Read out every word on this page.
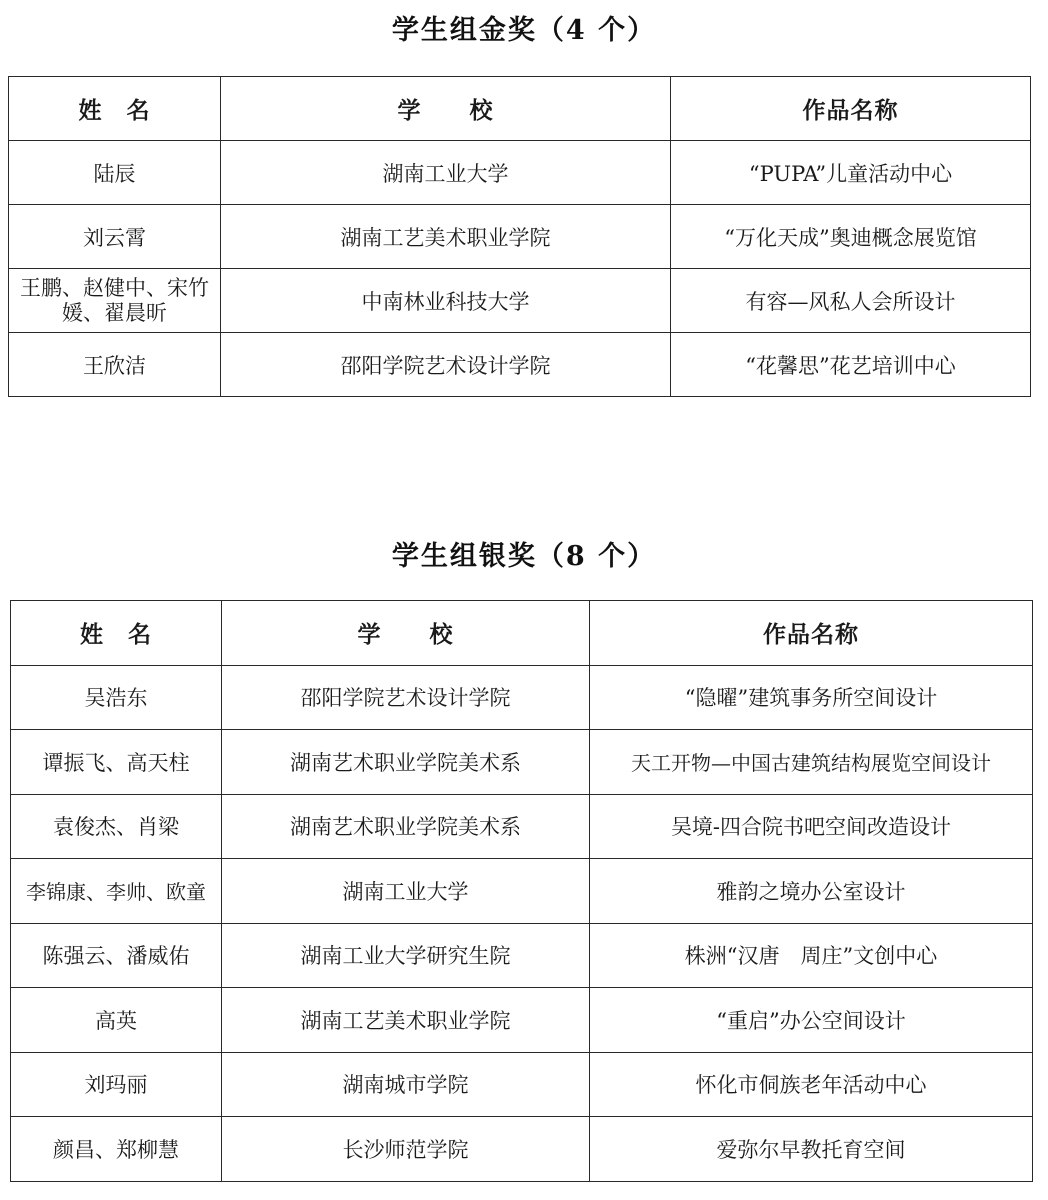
学生组金奖（4 个）
姓　名	学　　校	作品名称
陆辰	湖南工业大学	“PUPA”儿童活动中心
刘云霄	湖南工艺美术职业学院	“万化天成”奥迪概念展览馆
王鹏、赵健中、宋竹媛、翟晨昕	中南林业科技大学	有容—风私人会所设计
王欣洁	邵阳学院艺术设计学院	“花馨思”花艺培训中心
学生组银奖（8 个）
姓　名	学　　校	作品名称
吴浩东	邵阳学院艺术设计学院	“隐曜”建筑事务所空间设计
谭振飞、高天柱	湖南艺术职业学院美术系	天工开物—中国古建筑结构展览空间设计
袁俊杰、肖梁	湖南艺术职业学院美术系	吴境-四合院书吧空间改造设计
李锦康、李帅、欧童	湖南工业大学	雅韵之境办公室设计
陈强云、潘威佑	湖南工业大学研究生院	株洲“汉唐　周庄”文创中心
高英	湖南工艺美术职业学院	“重启”办公空间设计
刘玛丽	湖南城市学院	怀化市侗族老年活动中心
颜昌、郑柳慧	长沙师范学院	爱弥尔早教托育空间
